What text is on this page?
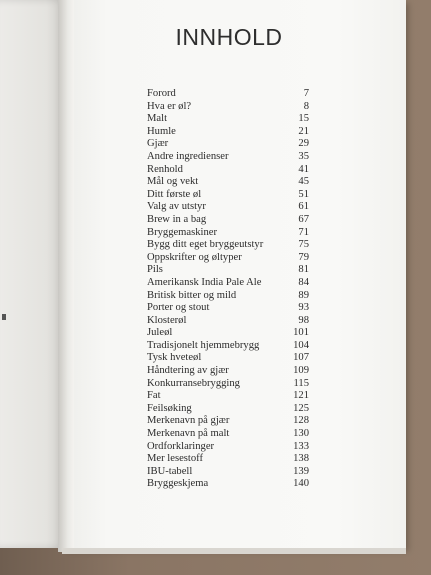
INNHOLD
Forord	7
Hva er øl?	8
Malt	15
Humle	21
Gjær	29
Andre ingredienser	35
Renhold	41
Mål og vekt	45
Ditt første øl	51
Valg av utstyr	61
Brew in a bag	67
Bryggemaskiner	71
Bygg ditt eget bryggeutstyr	75
Oppskrifter og øltyper	79
Pils	81
Amerikansk India Pale Ale	84
Britisk bitter og mild	89
Porter og stout	93
Klosterøl	98
Juleøl	101
Tradisjonelt hjemmebrygg	104
Tysk hveteøl	107
Håndtering av gjær	109
Konkurransebrygging	115
Fat	121
Feilsøking	125
Merkenavn på gjær	128
Merkenavn på malt	130
Ordforklaringer	133
Mer lesestoff	138
IBU-tabell	139
Bryggeskjema	140
